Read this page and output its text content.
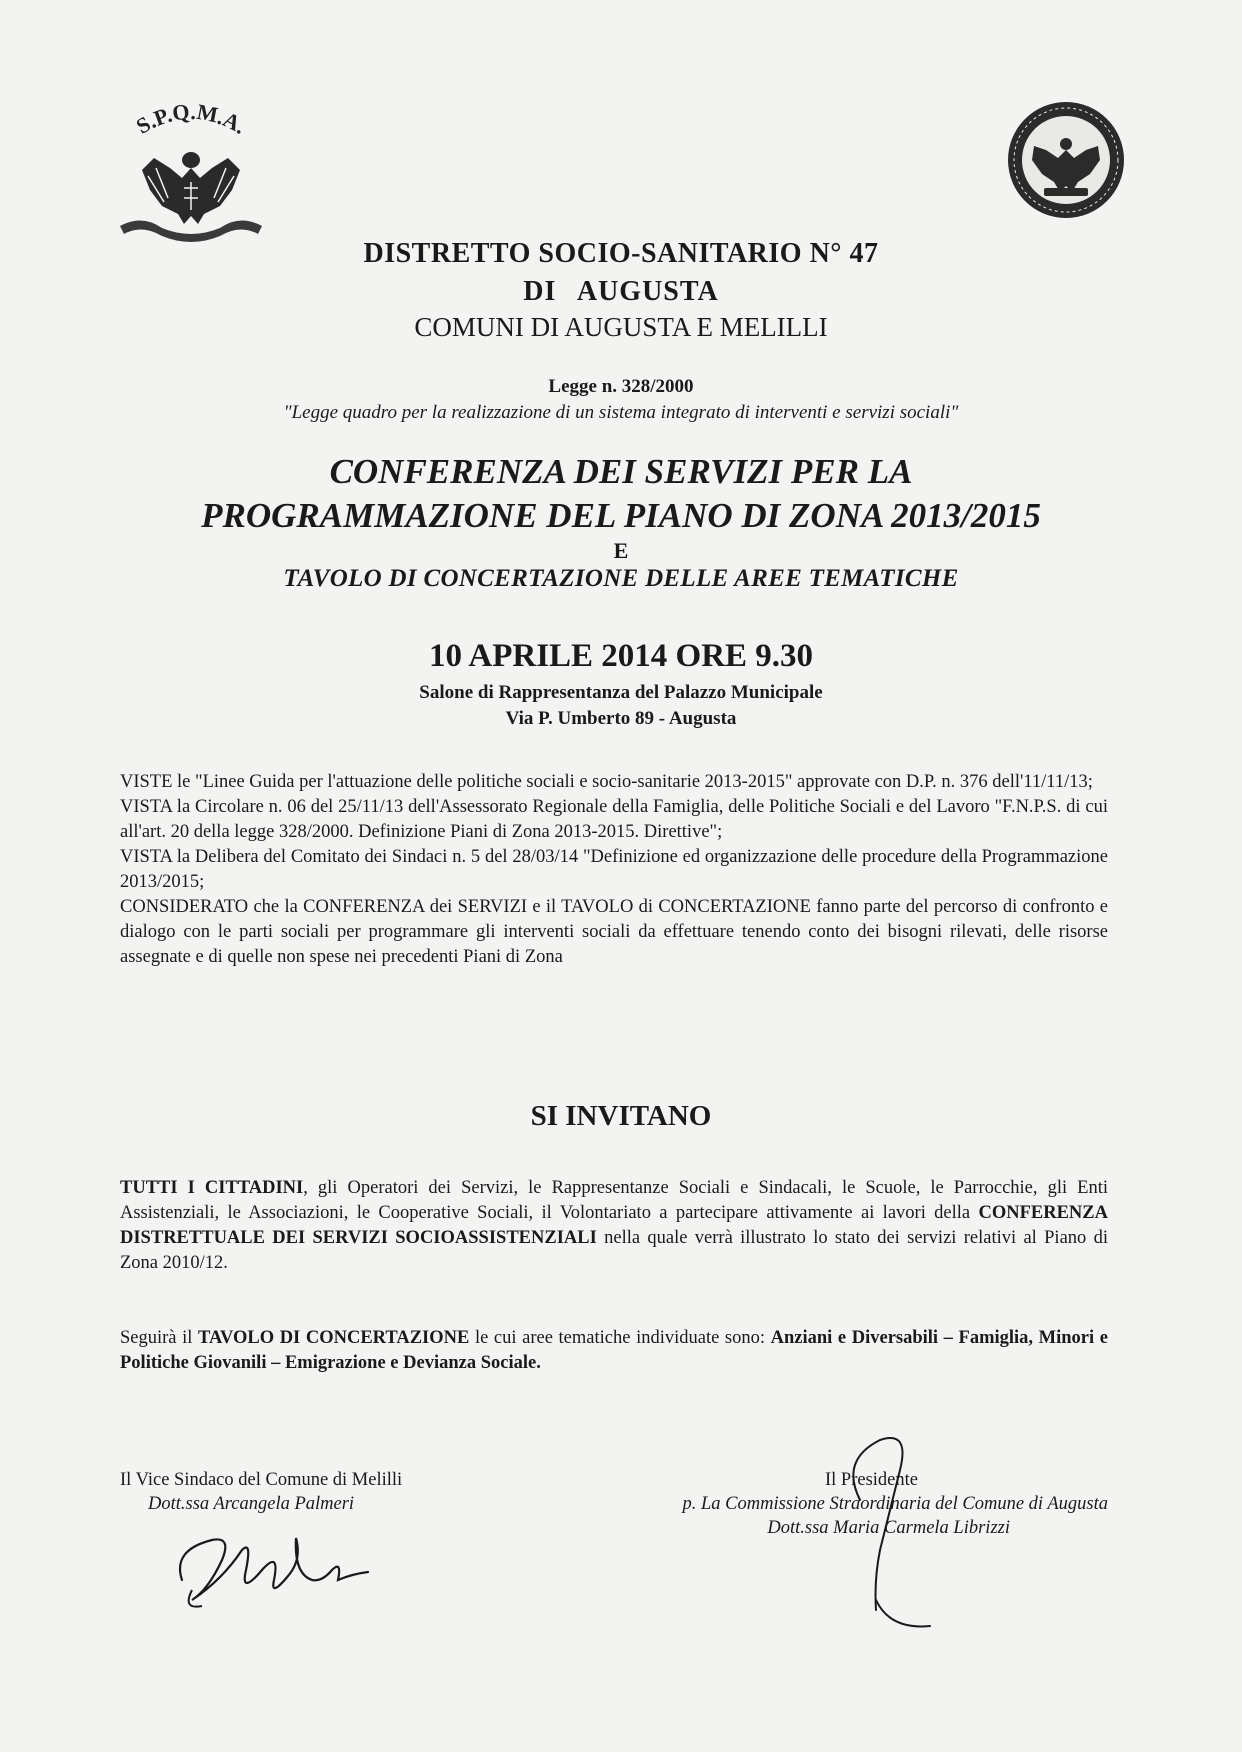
S.P.Q.M.A.
DISTRETTO SOCIO-SANITARIO N° 47
DI AUGUSTA
COMUNI DI AUGUSTA E MELILLI
Legge n. 328/2000
"Legge quadro per la realizzazione di un sistema integrato di interventi e servizi sociali"
CONFERENZA DEI SERVIZI PER LA
PROGRAMMAZIONE DEL PIANO DI ZONA 2013/2015
E
TAVOLO DI CONCERTAZIONE DELLE AREE TEMATICHE
10 APRILE 2014 ORE 9.30
Salone di Rappresentanza del Palazzo Municipale
Via P. Umberto 89 - Augusta

VISTE le "Linee Guida per l'attuazione delle politiche sociali e socio-sanitarie 2013-2015" approvate con D.P. n. 376 dell'11/11/13;

VISTA la Circolare n. 06 del 25/11/13 dell'Assessorato Regionale della Famiglia, delle Politiche Sociali e del Lavoro "F.N.P.S. di cui all'art. 20 della legge 328/2000. Definizione Piani di Zona 2013-2015. Direttive";

VISTA la Delibera del Comitato dei Sindaci n. 5 del 28/03/14 "Definizione ed organizzazione delle procedure della Programmazione 2013/2015;

CONSIDERATO che la CONFERENZA dei SERVIZI e il TAVOLO di CONCERTAZIONE fanno parte del percorso di confronto e dialogo con le parti sociali per programmare gli interventi sociali da effettuare tenendo conto dei bisogni rilevati, delle risorse assegnate e di quelle non spese nei precedenti Piani di Zona

SI INVITANO

TUTTI I CITTADINI, gli Operatori dei Servizi, le Rappresentanze Sociali e Sindacali, le Scuole, le Parrocchie, gli Enti Assistenziali, le Associazioni, le Cooperative Sociali, il Volontariato a partecipare attivamente ai lavori della CONFERENZA DISTRETTUALE DEI SERVIZI SOCIOASSISTENZIALI nella quale verrà illustrato lo stato dei servizi relativi al Piano di Zona 2010/12.

Seguirà il TAVOLO DI CONCERTAZIONE le cui aree tematiche individuate sono: Anziani e Diversabili – Famiglia, Minori e Politiche Giovanili – Emigrazione e Devianza Sociale.

Il Vice Sindaco del Comune di Melilli
Dott.ssa Arcangela Palmeri
Il Presidente
p. La Commissione Straordinaria del Comune di Augusta
Dott.ssa Maria Carmela Librizzi
